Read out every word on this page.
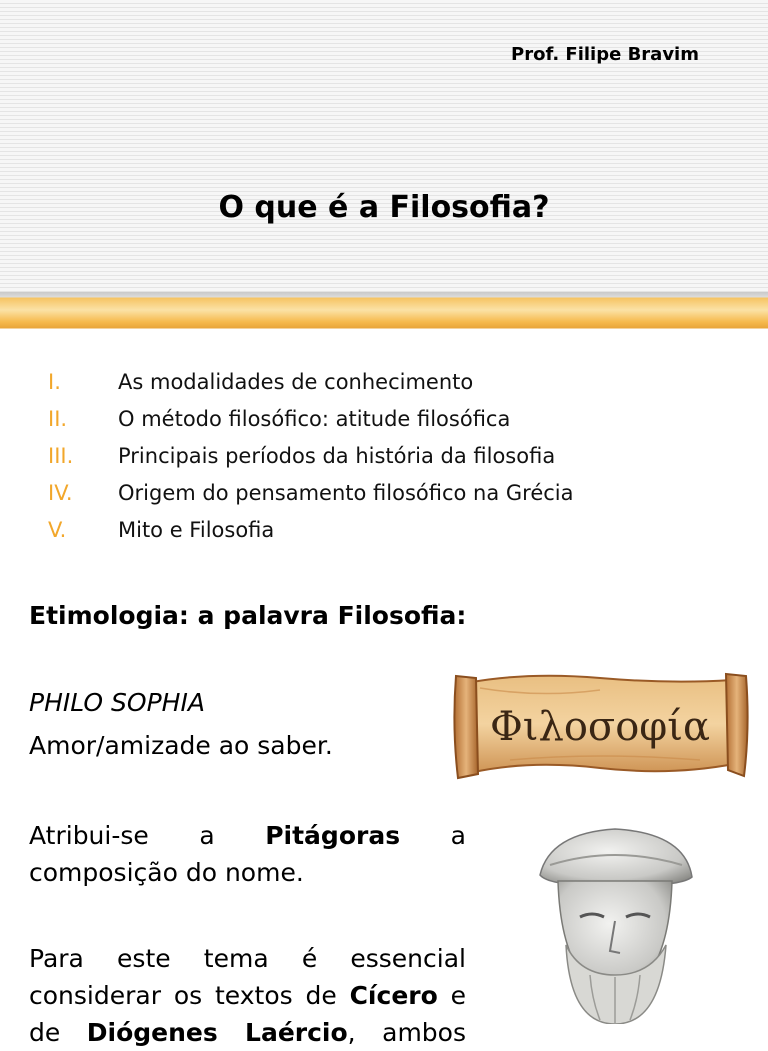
Prof. Filipe Bravim
O que é a Filosofia?
I.	As modalidades de conhecimento
II.	O método filosófico: atitude filosófica
III.	Principais períodos da história da filosofia
IV.	Origem do pensamento filosófico na Grécia
V.	Mito e Filosofia
Etimologia: a palavra Filosofia:
PHILO SOPHIA
Amor/amizade ao saber.
Atribui-se a Pitágoras a
composição do nome.
Para este tema é essencial
considerar os textos de Cícero e
de Diógenes Laércio, ambos
Φιλοσοφία
